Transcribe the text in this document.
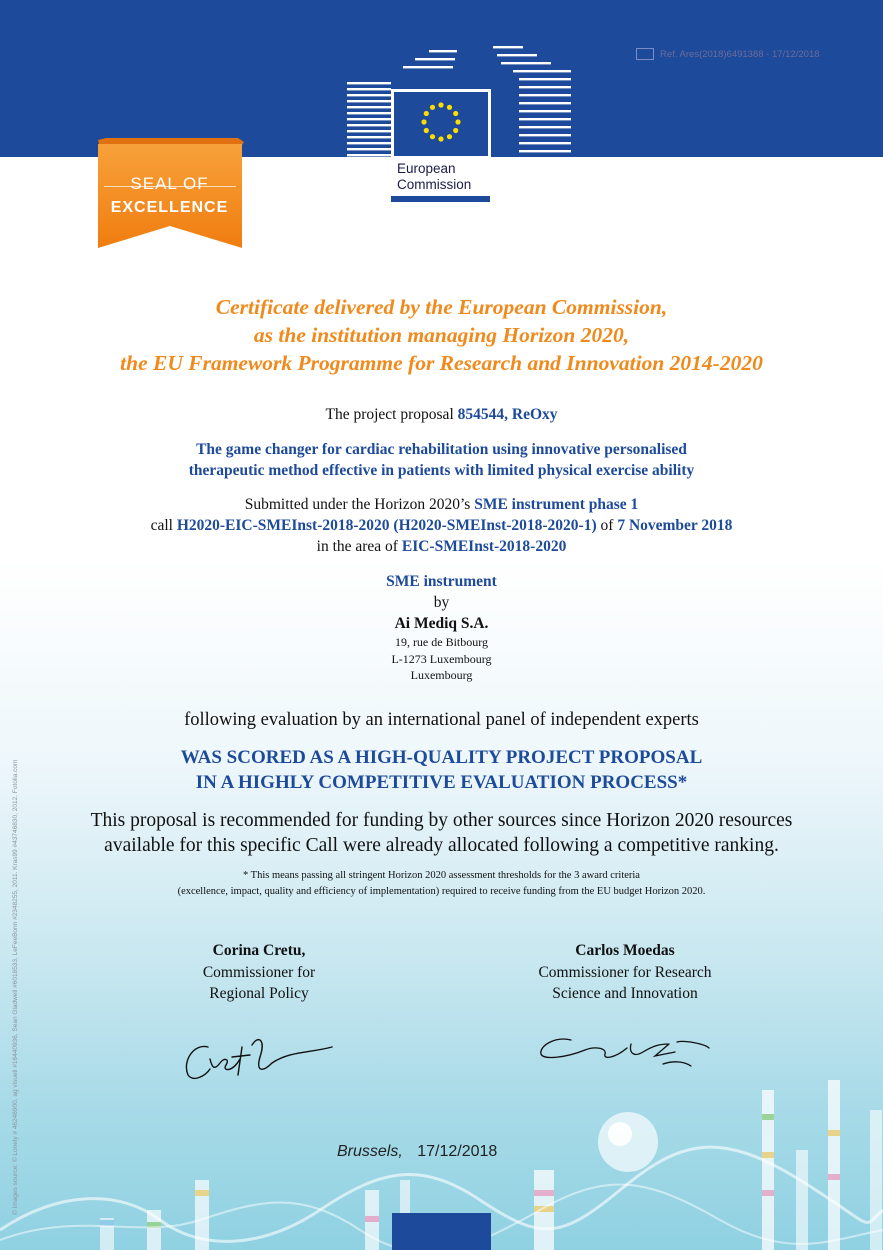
Ref. Ares(2018)6491388 - 17/12/2018
European
Commission
SEAL OF
EXCELLENCE
Certificate delivered by the European Commission,
as the institution managing Horizon 2020,
the EU Framework Programme for Research and Innovation 2014-2020
The project proposal 854544, ReOxy
The game changer for cardiac rehabilitation using innovative personalised
therapeutic method effective in patients with limited physical exercise ability
Submitted under the Horizon 2020’s SME instrument phase 1
call H2020-EIC-SMEInst-2018-2020 (H2020-SMEInst-2018-2020-1) of 7 November 2018
in the area of EIC-SMEInst-2018-2020
SME instrument
by
Ai Mediq S.A.
19, rue de Bitbourg
L-1273 Luxembourg
Luxembourg
following evaluation by an international panel of independent experts
WAS SCORED AS A HIGH-QUALITY PROJECT PROPOSAL
IN A HIGHLY COMPETITIVE EVALUATION PROCESS*
This proposal is recommended for funding by other sources since Horizon 2020 resources
available for this specific Call were already allocated following a competitive ranking.
* This means passing all stringent Horizon 2020 assessment thresholds for the 3 award criteria
(excellence, impact, quality and efficiency of implementation) required to receive funding from the EU budget Horizon 2020.
Corina Cretu,
Commissioner for
Regional Policy
Carlos Moedas
Commissioner for Research
Science and Innovation
Brussels, 17/12/2018
© Images source: © Lonely # 46246900, ag visuell #16440936, Sean Gladwell #6018533, LeFeeBonn #2348255, 2011. Kras99 #43746830, 2012. Fotolia.com
